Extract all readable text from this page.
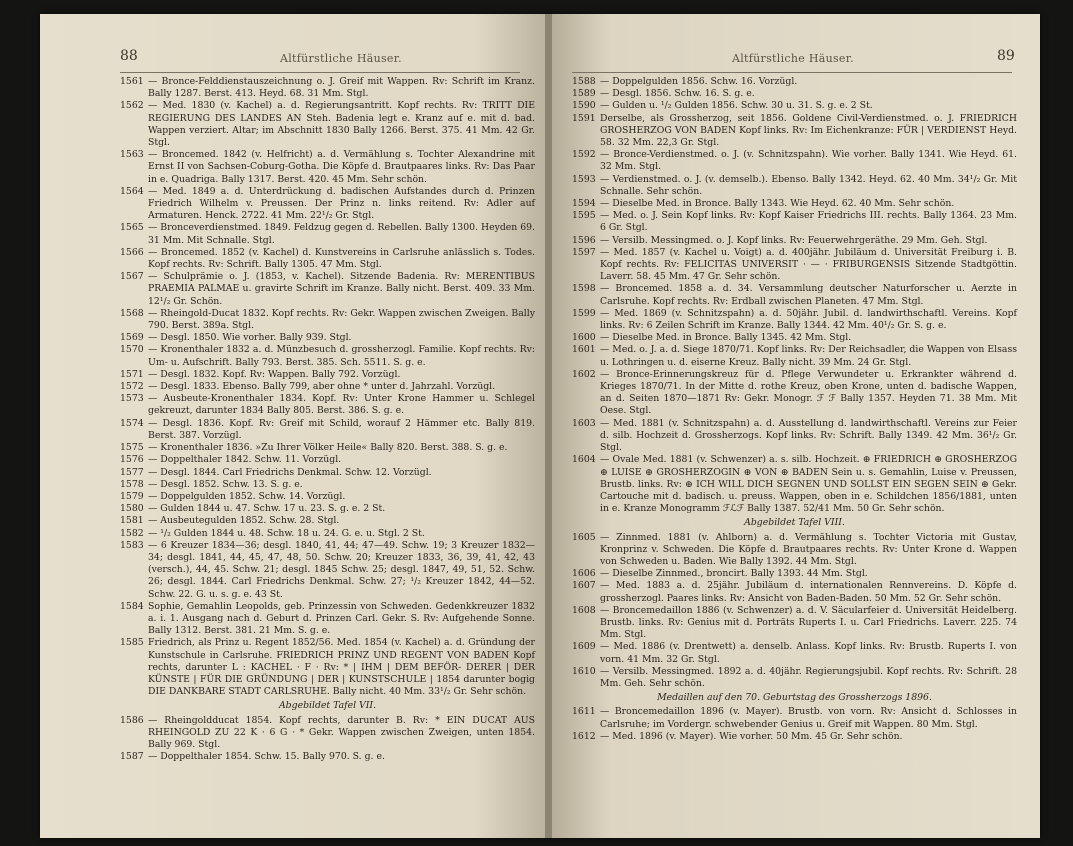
88	Altfürstliche Häuser.
1561 — Bronce-Felddienstauszeichnung o. J. Greif mit Wappen. Rv: Schrift im Kranz. Bally 1287. Berst. 413. Heyd. 68. 31 Mm. Stgl.
1562 — Med. 1830 (v. Kachel) a. d. Regierungsantritt. Kopf rechts. Rv: TRITT DIE REGIERUNG DES LANDES AN Steh. Badenia legt e. Kranz auf e. mit d. bad. Wappen verziert. Altar; im Abschnitt 1830 Bally 1266. Berst. 375. 41 Mm. 42 Gr. Stgl.
1563 — Broncemed. 1842 (v. Helfricht) a. d. Vermählung s. Tochter Alexandrine mit Ernst II von Sachsen-Coburg-Gotha. Die Köpfe d. Brautpaares links. Rv: Das Paar in e. Quadriga. Bally 1317. Berst. 420. 45 Mm. Sehr schön.
1564 — Med. 1849 a. d. Unterdrückung d. badischen Aufstandes durch d. Prinzen Friedrich Wilhelm v. Preussen. Der Prinz n. links reitend. Rv: Adler auf Armaturen. Henck. 2722. 41 Mm. 22¹/₂ Gr. Stgl.
1565 — Bronceverdienstmed. 1849. Feldzug gegen d. Rebellen. Bally 1300. Heyden 69. 31 Mm. Mit Schnalle. Stgl.
1566 — Broncemed. 1852 (v. Kachel) d. Kunstvereins in Carlsruhe anlässlich s. Todes. Kopf rechts. Rv: Schrift. Bally 1305. 47 Mm. Stgl.
1567 — Schulprämie o. J. (1853, v. Kachel). Sitzende Badenia. Rv: MERENTIBUS PRAEMIA PALMAE u. gravirte Schrift im Kranze. Bally nicht. Berst. 409. 33 Mm. 12¹/₂ Gr. Schön.
1568 — Rheingold-Ducat 1832. Kopf rechts. Rv: Gekr. Wappen zwischen Zweigen. Bally 790. Berst. 389a. Stgl.
1569 — Desgl. 1850. Wie vorher. Bally 939. Stgl.
1570 — Kronenthaler 1832 a. d. Münzbesuch d. grossherzogl. Familie. Kopf rechts. Rv: Um- u. Aufschrift. Bally 793. Berst. 385. Sch. 5511. S. g. e.
1571 — Desgl. 1832. Kopf. Rv: Wappen. Bally 792. Vorzügl.
1572 — Desgl. 1833. Ebenso. Bally 799, aber ohne * unter d. Jahrzahl. Vorzügl.
1573 — Ausbeute-Kronenthaler 1834. Kopf. Rv: Unter Krone Hammer u. Schlegel gekreuzt, darunter 1834 Bally 805. Berst. 386. S. g. e.
1574 — Desgl. 1836. Kopf. Rv: Greif mit Schild, worauf 2 Hämmer etc. Bally 819. Berst. 387. Vorzügl.
1575 — Kronenthaler 1836. »Zu Ihrer Völker Heile« Bally 820. Berst. 388. S. g. e.
1576 — Doppelthaler 1842. Schw. 11. Vorzügl.
1577 — Desgl. 1844. Carl Friedrichs Denkmal. Schw. 12. Vorzügl.
1578 — Desgl. 1852. Schw. 13. S. g. e.
1579 — Doppelgulden 1852. Schw. 14. Vorzügl.
1580 — Gulden 1844 u. 47. Schw. 17 u. 23. S. g. e. 2 St.
1581 — Ausbeutegulden 1852. Schw. 28. Stgl.
1582 — ¹/₂ Gulden 1844 u. 48. Schw. 18 u. 24. G. e. u. Stgl. 2 St.
1583 — 6 Kreuzer 1834—36; desgl. 1840, 41, 44; 47—49. Schw. 19; 3 Kreuzer 1832—34; desgl. 1841, 44, 45, 47, 48, 50. Schw. 20; Kreuzer 1833, 36, 39, 41, 42, 43 (versch.), 44, 45. Schw. 21; desgl. 1845 Schw. 25; desgl. 1847, 49, 51, 52. Schw. 26; desgl. 1844. Carl Friedrichs Denkmal. Schw. 27; ¹/₂ Kreuzer 1842, 44—52. Schw. 22. G. u. s. g. e. 43 St.
1584 Sophie, Gemahlin Leopolds, geb. Prinzessin von Schweden. Gedenkkreuzer 1832 a. i. 1. Ausgang nach d. Geburt d. Prinzen Carl. Gekr. S. Rv: Aufgehende Sonne. Bally 1312. Berst. 381. 21 Mm. S. g. e.
1585 Friedrich, als Prinz u. Regent 1852/56. Med. 1854 (v. Kachel) a. d. Gründung der Kunstschule in Carlsruhe. FRIEDRICH PRINZ UND REGENT VON BADEN Kopf rechts, darunter L : KACHEL · F · Rv: * | IHM | DEM BEFÖR- DERER | DER KÜNSTE | FÜR DIE GRÜNDUNG | DER | KUNSTSCHULE | 1854 darunter bogig DIE DANKBARE STADT CARLSRUHE. Bally nicht. 40 Mm. 33¹/₂ Gr. Sehr schön.
Abgebildet Tafel VII.
1586 — Rheingoldducat 1854. Kopf rechts, darunter B. Rv: * EIN DUCAT AUS RHEINGOLD ZU 22 K · 6 G · * Gekr. Wappen zwischen Zweigen, unten 1854. Bally 969. Stgl.
1587 — Doppelthaler 1854. Schw. 15. Bally 970. S. g. e.
Altfürstliche Häuser.	89
1588 — Doppelgulden 1856. Schw. 16. Vorzügl.
1589 — Desgl. 1856. Schw. 16. S. g. e.
1590 — Gulden u. ¹/₂ Gulden 1856. Schw. 30 u. 31. S. g. e. 2 St.
1591 Derselbe, als Grossherzog, seit 1856. Goldene Civil-Verdienstmed. o. J. FRIEDRICH GROSHERZOG VON BADEN Kopf links. Rv: Im Eichenkranze: FÜR | VERDIENST Heyd. 58. 32 Mm. 22,3 Gr. Stgl.
1592 — Bronce-Verdienstmed. o. J. (v. Schnitzspahn). Wie vorher. Bally 1341. Wie Heyd. 61. 32 Mm. Stgl.
1593 — Verdienstmed. o. J. (v. demselb.). Ebenso. Bally 1342. Heyd. 62. 40 Mm. 34¹/₂ Gr. Mit Schnalle. Sehr schön.
1594 — Dieselbe Med. in Bronce. Bally 1343. Wie Heyd. 62. 40 Mm. Sehr schön.
1595 — Med. o. J. Sein Kopf links. Rv: Kopf Kaiser Friedrichs III. rechts. Bally 1364. 23 Mm. 6 Gr. Stgl.
1596 — Versilb. Messingmed. o. J. Kopf links. Rv: Feuerwehrgeräthe. 29 Mm. Geh. Stgl.
1597 — Med. 1857 (v. Kachel u. Voigt) a. d. 400jähr. Jubiläum d. Universität Freiburg i. B. Kopf rechts. Rv: FELICITAS UNIVERSIT · — · FRIBURGENSIS Sitzende Stadtgöttin. Laverr. 58. 45 Mm. 47 Gr. Sehr schön.
1598 — Broncemed. 1858 a. d. 34. Versammlung deutscher Naturforscher u. Aerzte in Carlsruhe. Kopf rechts. Rv: Erdball zwischen Planeten. 47 Mm. Stgl.
1599 — Med. 1869 (v. Schnitzspahn) a. d. 50jähr. Jubil. d. landwirthschaftl. Vereins. Kopf links. Rv: 6 Zeilen Schrift im Kranze. Bally 1344. 42 Mm. 40¹/₂ Gr. S. g. e.
1600 — Dieselbe Med. in Bronce. Bally 1345. 42 Mm. Stgl.
1601 — Med. o. J. a. d. Siege 1870/71. Kopf links. Rv: Der Reichsadler, die Wappen von Elsass u. Lothringen u. d. eiserne Kreuz. Bally nicht. 39 Mm. 24 Gr. Stgl.
1602 — Bronce-Erinnerungskreuz für d. Pflege Verwundeter u. Erkrankter während d. Krieges 1870/71. In der Mitte d. rothe Kreuz, oben Krone, unten d. badische Wappen, an d. Seiten 1870—1871 Rv: Gekr. Monogr. ℱ ℱ Bally 1357. Heyden 71. 38 Mm. Mit Oese. Stgl.
1603 — Med. 1881 (v. Schnitzspahn) a. d. Ausstellung d. landwirthschaftl. Vereins zur Feier d. silb. Hochzeit d. Grossherzogs. Kopf links. Rv: Schrift. Bally 1349. 42 Mm. 36¹/₂ Gr. Stgl.
1604 — Ovale Med. 1881 (v. Schwenzer) a. s. silb. Hochzeit. ⊕ FRIEDRICH ⊕ GROSHERZOG ⊕ LUISE ⊕ GROSHERZOGIN ⊕ VON ⊕ BADEN Sein u. s. Gemahlin, Luise v. Preussen, Brustb. links. Rv: ⊕ ICH WILL DICH SEGNEN UND SOLLST EIN SEGEN SEIN ⊕ Gekr. Cartouche mit d. badisch. u. preuss. Wappen, oben in e. Schildchen 1856/1881, unten in e. Kranze Monogramm ℱℒℱ Bally 1387. 52/41 Mm. 50 Gr. Sehr schön.
Abgebildet Tafel VIII.
1605 — Zinnmed. 1881 (v. Ahlborn) a. d. Vermählung s. Tochter Victoria mit Gustav, Kronprinz v. Schweden. Die Köpfe d. Brautpaares rechts. Rv: Unter Krone d. Wappen von Schweden u. Baden. Wie Bally 1392. 44 Mm. Stgl.
1606 — Dieselbe Zinnmed., broncirt. Bally 1393. 44 Mm. Stgl.
1607 — Med. 1883 a. d. 25jähr. Jubiläum d. internationalen Rennvereins. D. Köpfe d. grossherzogl. Paares links. Rv: Ansicht von Baden-Baden. 50 Mm. 52 Gr. Sehr schön.
1608 — Broncemedaillon 1886 (v. Schwenzer) a. d. V. Säcularfeier d. Universität Heidelberg. Brustb. links. Rv: Genius mit d. Porträts Ruperts I. u. Carl Friedrichs. Laverr. 225. 74 Mm. Stgl.
1609 — Med. 1886 (v. Drentwett) a. denselb. Anlass. Kopf links. Rv: Brustb. Ruperts I. von vorn. 41 Mm. 32 Gr. Stgl.
1610 — Versilb. Messingmed. 1892 a. d. 40jähr. Regierungsjubil. Kopf rechts. Rv: Schrift. 28 Mm. Geh. Sehr schön.
Medaillen auf den 70. Geburtstag des Grossherzogs 1896.
1611 — Broncemedaillon 1896 (v. Mayer). Brustb. von vorn. Rv: Ansicht d. Schlosses in Carlsruhe; im Vordergr. schwebender Genius u. Greif mit Wappen. 80 Mm. Stgl.
1612 — Med. 1896 (v. Mayer). Wie vorher. 50 Mm. 45 Gr. Sehr schön.
